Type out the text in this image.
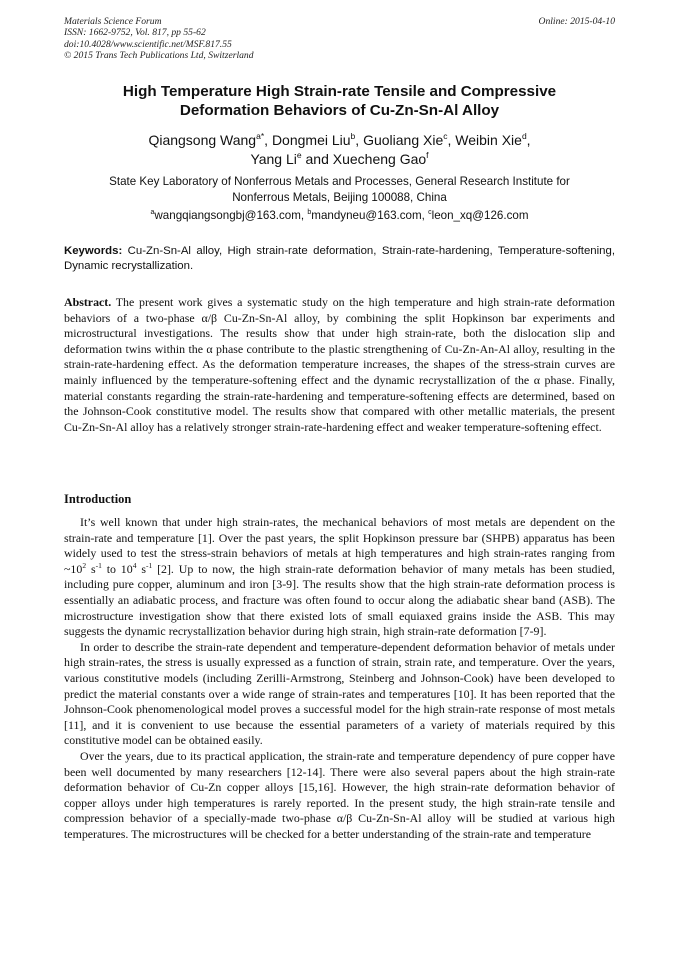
Materials Science Forum
ISSN: 1662-9752, Vol. 817, pp 55-62
doi:10.4028/www.scientific.net/MSF.817.55
© 2015 Trans Tech Publications Ltd, Switzerland
Online: 2015-04-10
High Temperature High Strain-rate Tensile and Compressive
Deformation Behaviors of Cu-Zn-Sn-Al Alloy
Qiangsong Wang$^{a*}$, Dongmei Liu$^b$, Guoliang Xie$^c$, Weibin Xie$^d$,
Yang Li$^e$ and Xuecheng Gao$^f$
State Key Laboratory of Nonferrous Metals and Processes, General Research Institute for
Nonferrous Metals, Beijing 100088, China
$^a$wangqiangsongbj@163.com, $^b$mandyneu@163.com, $^c$leon_xq@126.com
Keywords: Cu-Zn-Sn-Al alloy, High strain-rate deformation, Strain-rate-hardening, Temperature-softening, Dynamic recrystallization.
Abstract. The present work gives a systematic study on the high temperature and high strain-rate deformation behaviors of a two-phase α/β Cu-Zn-Sn-Al alloy, by combining the split Hopkinson bar experiments and microstructural investigations. The results show that under high strain-rate, both the dislocation slip and deformation twins within the α phase contribute to the plastic strengthening of Cu-Zn-An-Al alloy, resulting in the strain-rate-hardening effect. As the deformation temperature increases, the shapes of the stress-strain curves are mainly influenced by the temperature-softening effect and the dynamic recrystallization of the α phase. Finally, material constants regarding the strain-rate-hardening and temperature-softening effects are determined, based on the Johnson-Cook constitutive model. The results show that compared with other metallic materials, the present Cu-Zn-Sn-Al alloy has a relatively stronger strain-rate-hardening effect and weaker temperature-softening effect.
Introduction

It’s well known that under high strain-rates, the mechanical behaviors of most metals are dependent on the strain-rate and temperature [1]. Over the past years, the split Hopkinson pressure bar (SHPB) apparatus has been widely used to test the stress-strain behaviors of metals at high temperatures and high strain-rates ranging from $\sim 10^2$ $s^{-1}$ to $10^4$ $s^{-1}$ [2]. Up to now, the high strain-rate deformation behavior of many metals has been studied, including pure copper, aluminum and iron [3-9]. The results show that the high strain-rate deformation process is essentially an adiabatic process, and fracture was often found to occur along the adiabatic shear band (ASB). The microstructure investigation show that there existed lots of small equiaxed grains inside the ASB. This may suggests the dynamic recrystallization behavior during high strain, high strain-rate deformation [7-9].

In order to describe the strain-rate dependent and temperature-dependent deformation behavior of metals under high strain-rates, the stress is usually expressed as a function of strain, strain rate, and temperature. Over the years, various constitutive models (including Zerilli-Armstrong, Steinberg and Johnson-Cook) have been developed to predict the material constants over a wide range of strain-rates and temperatures [10]. It has been reported that the Johnson-Cook phenomenological model proves a successful model for the high strain-rate response of most metals [11], and it is convenient to use because the essential parameters of a variety of materials required by this constitutive model can be obtained easily.

Over the years, due to its practical application, the strain-rate and temperature dependency of pure copper have been well documented by many researchers [12-14]. There were also several papers about the high strain-rate deformation behavior of Cu-Zn copper alloys [15,16]. However, the high strain-rate deformation behavior of copper alloys under high temperatures is rarely reported. In the present study, the high strain-rate tensile and compression behavior of a specially-made two-phase α/β Cu-Zn-Sn-Al alloy will be studied at various high temperatures. The microstructures will be checked for a better understanding of the strain-rate and temperature
